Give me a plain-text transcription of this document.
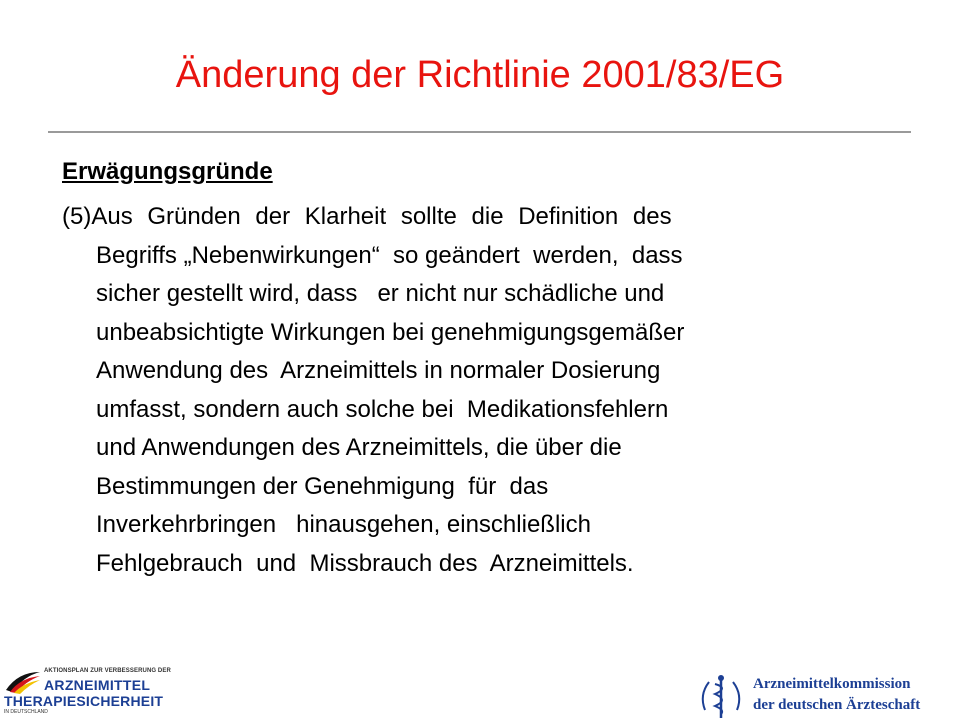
Änderung der Richtlinie 2001/83/EG
Erwägungsgründe
(5)Aus Gründen der Klarheit sollte die Definition des
Begriffs „Nebenwirkungen“  so geändert  werden,  dass
sicher gestellt wird, dass   er nicht nur schädliche und
unbeabsichtigte Wirkungen bei genehmigungsgemäßer
Anwendung des  Arzneimittels in normaler Dosierung
umfasst, sondern auch solche bei  Medikationsfehlern
und Anwendungen des Arzneimittels, die über die
Bestimmungen der Genehmigung  für  das
Inverkehrbringen   hinausgehen, einschließlich
Fehlgebrauch  und  Missbrauch des  Arzneimittels.
AKTIONSPLAN ZUR VERBESSERUNG DER
ARZNEIMITTEL
THERAPIESICHERHEIT
IN DEUTSCHLAND
Arzneimittelkommission
der deutschen Ärzteschaft
